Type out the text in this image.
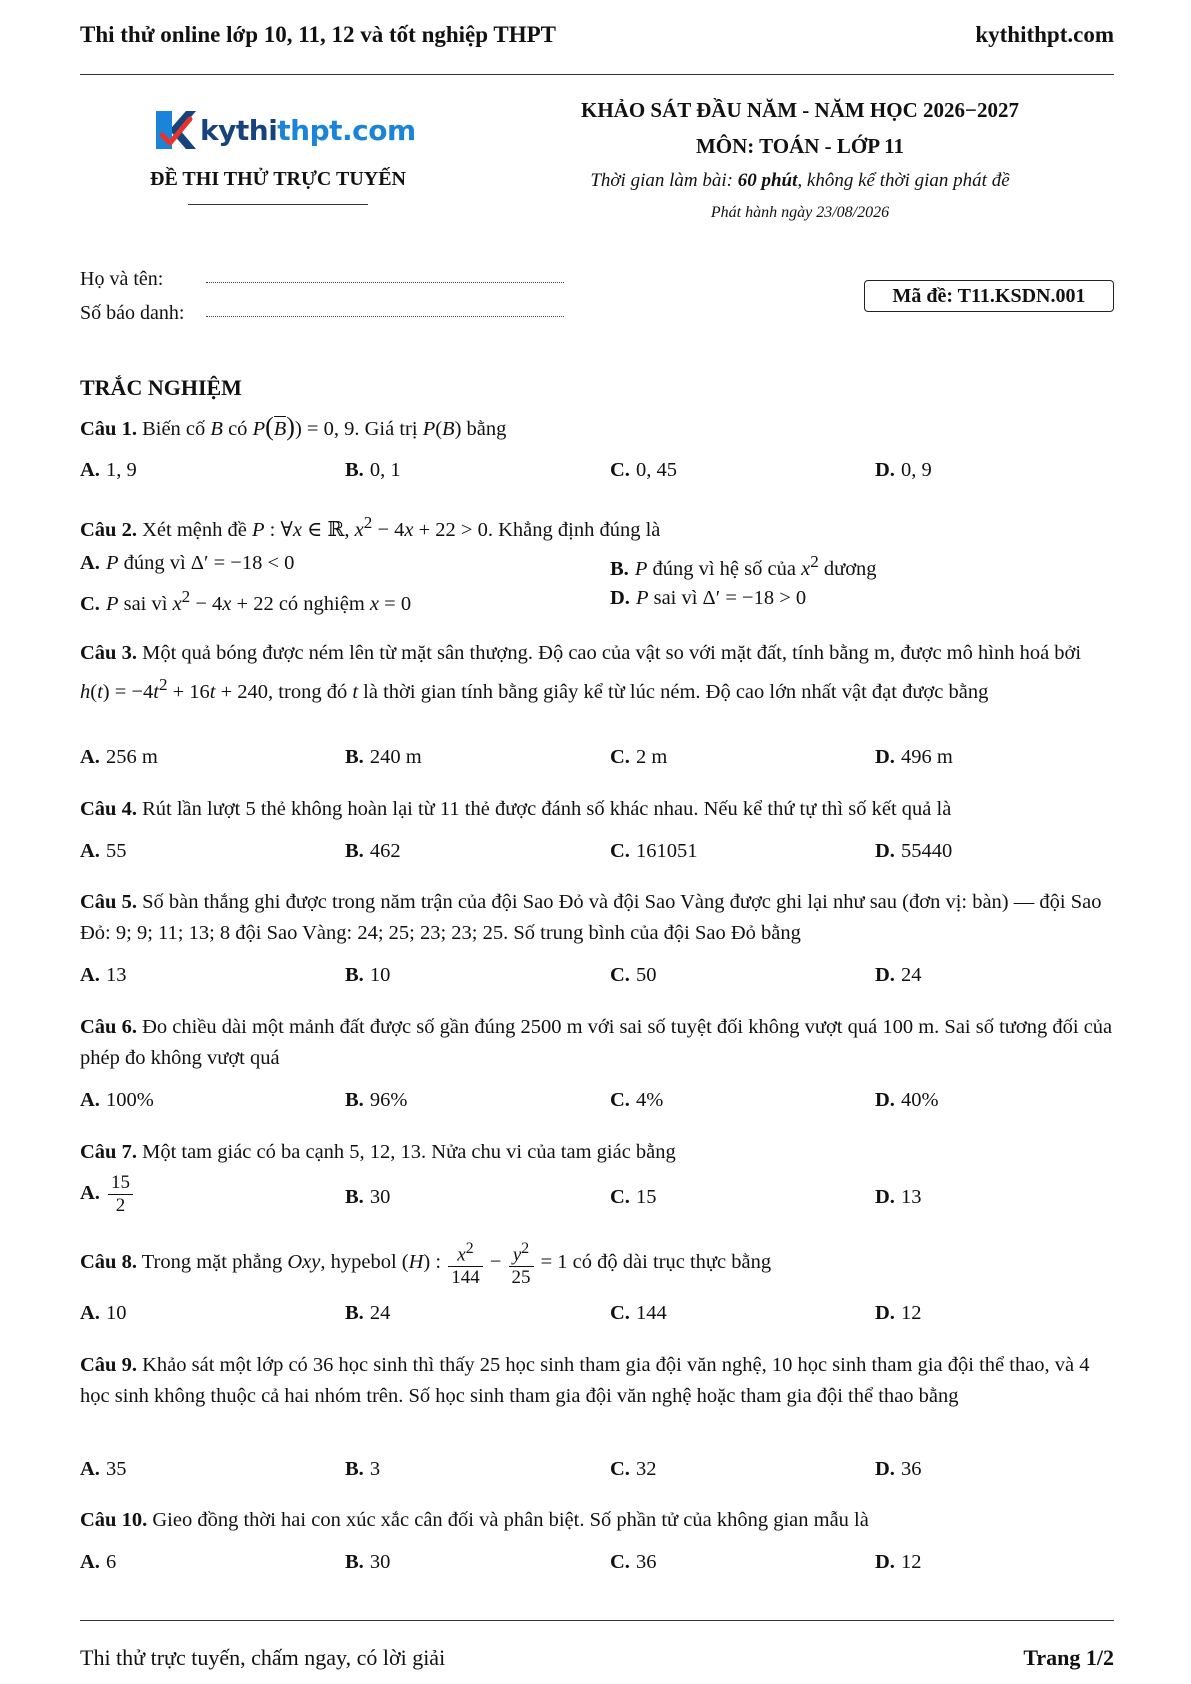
Thi thử online lớp 10, 11, 12 và tốt nghiệp THPT	kythithpt.com
kythithpt.com
ĐỀ THI THỬ TRỰC TUYẾN
KHẢO SÁT ĐẦU NĂM - NĂM HỌC 2026−2027
MÔN: TOÁN - LỚP 11
Thời gian làm bài: 60 phút, không kể thời gian phát đề
Phát hành ngày 23/08/2026
Họ và tên:
Số báo danh:
Mã đề: T11.KSDN.001
TRẮC NGHIỆM
Câu 1. Biến cố B có P(B)) = 0, 9. Giá trị P(B) bằng
A. 1, 9	B. 0, 1	C. 0, 45	D. 0, 9
Câu 2. Xét mệnh đề P : ∀x ∈ ℝ, $x^2 - 4x + 22 > 0$. Khẳng định đúng là
A. P đúng vì Δ′ = −18 < 0	B. P đúng vì hệ số của $x^2$ dương
C. P sai vì $x^2 - 4x + 22$ có nghiệm x = 0	D. P sai vì Δ′ = −18 > 0
Câu 3. Một quả bóng được ném lên từ mặt sân thượng. Độ cao của vật so với mặt đất, tính bằng m, được mô hình hoá bởi $h(t) = -4t^2 + 16t + 240$, trong đó t là thời gian tính bằng giây kể từ lúc ném. Độ cao lớn nhất vật đạt được bằng
A. 256 m	B. 240 m	C. 2 m	D. 496 m
Câu 4. Rút lần lượt 5 thẻ không hoàn lại từ 11 thẻ được đánh số khác nhau. Nếu kể thứ tự thì số kết quả là
A. 55	B. 462	C. 161051	D. 55440
Câu 5. Số bàn thắng ghi được trong năm trận của đội Sao Đỏ và đội Sao Vàng được ghi lại như sau (đơn vị: bàn) — đội Sao Đỏ: 9; 9; 11; 13; 8 đội Sao Vàng: 24; 25; 23; 23; 25. Số trung bình của đội Sao Đỏ bằng
A. 13	B. 10	C. 50	D. 24
Câu 6. Đo chiều dài một mảnh đất được số gần đúng 2500 m với sai số tuyệt đối không vượt quá 100 m. Sai số tương đối của phép đo không vượt quá
A. 100%	B. 96%	C. 4%	D. 40%
Câu 7. Một tam giác có ba cạnh 5, 12, 13. Nửa chu vi của tam giác bằng
A. $\frac{15}{2}$	B. 30	C. 15	D. 13
Câu 8. Trong mặt phẳng Oxy, hypebol (H) : $\frac{x^2}{144} - \frac{y^2}{25} = 1$ có độ dài trục thực bằng
A. 10	B. 24	C. 144	D. 12
Câu 9. Khảo sát một lớp có 36 học sinh thì thấy 25 học sinh tham gia đội văn nghệ, 10 học sinh tham gia đội thể thao, và 4 học sinh không thuộc cả hai nhóm trên. Số học sinh tham gia đội văn nghệ hoặc tham gia đội thể thao bằng
A. 35	B. 3	C. 32	D. 36
Câu 10. Gieo đồng thời hai con xúc xắc cân đối và phân biệt. Số phần tử của không gian mẫu là
A. 6	B. 30	C. 36	D. 12
Thi thử trực tuyến, chấm ngay, có lời giải	Trang 1/2
